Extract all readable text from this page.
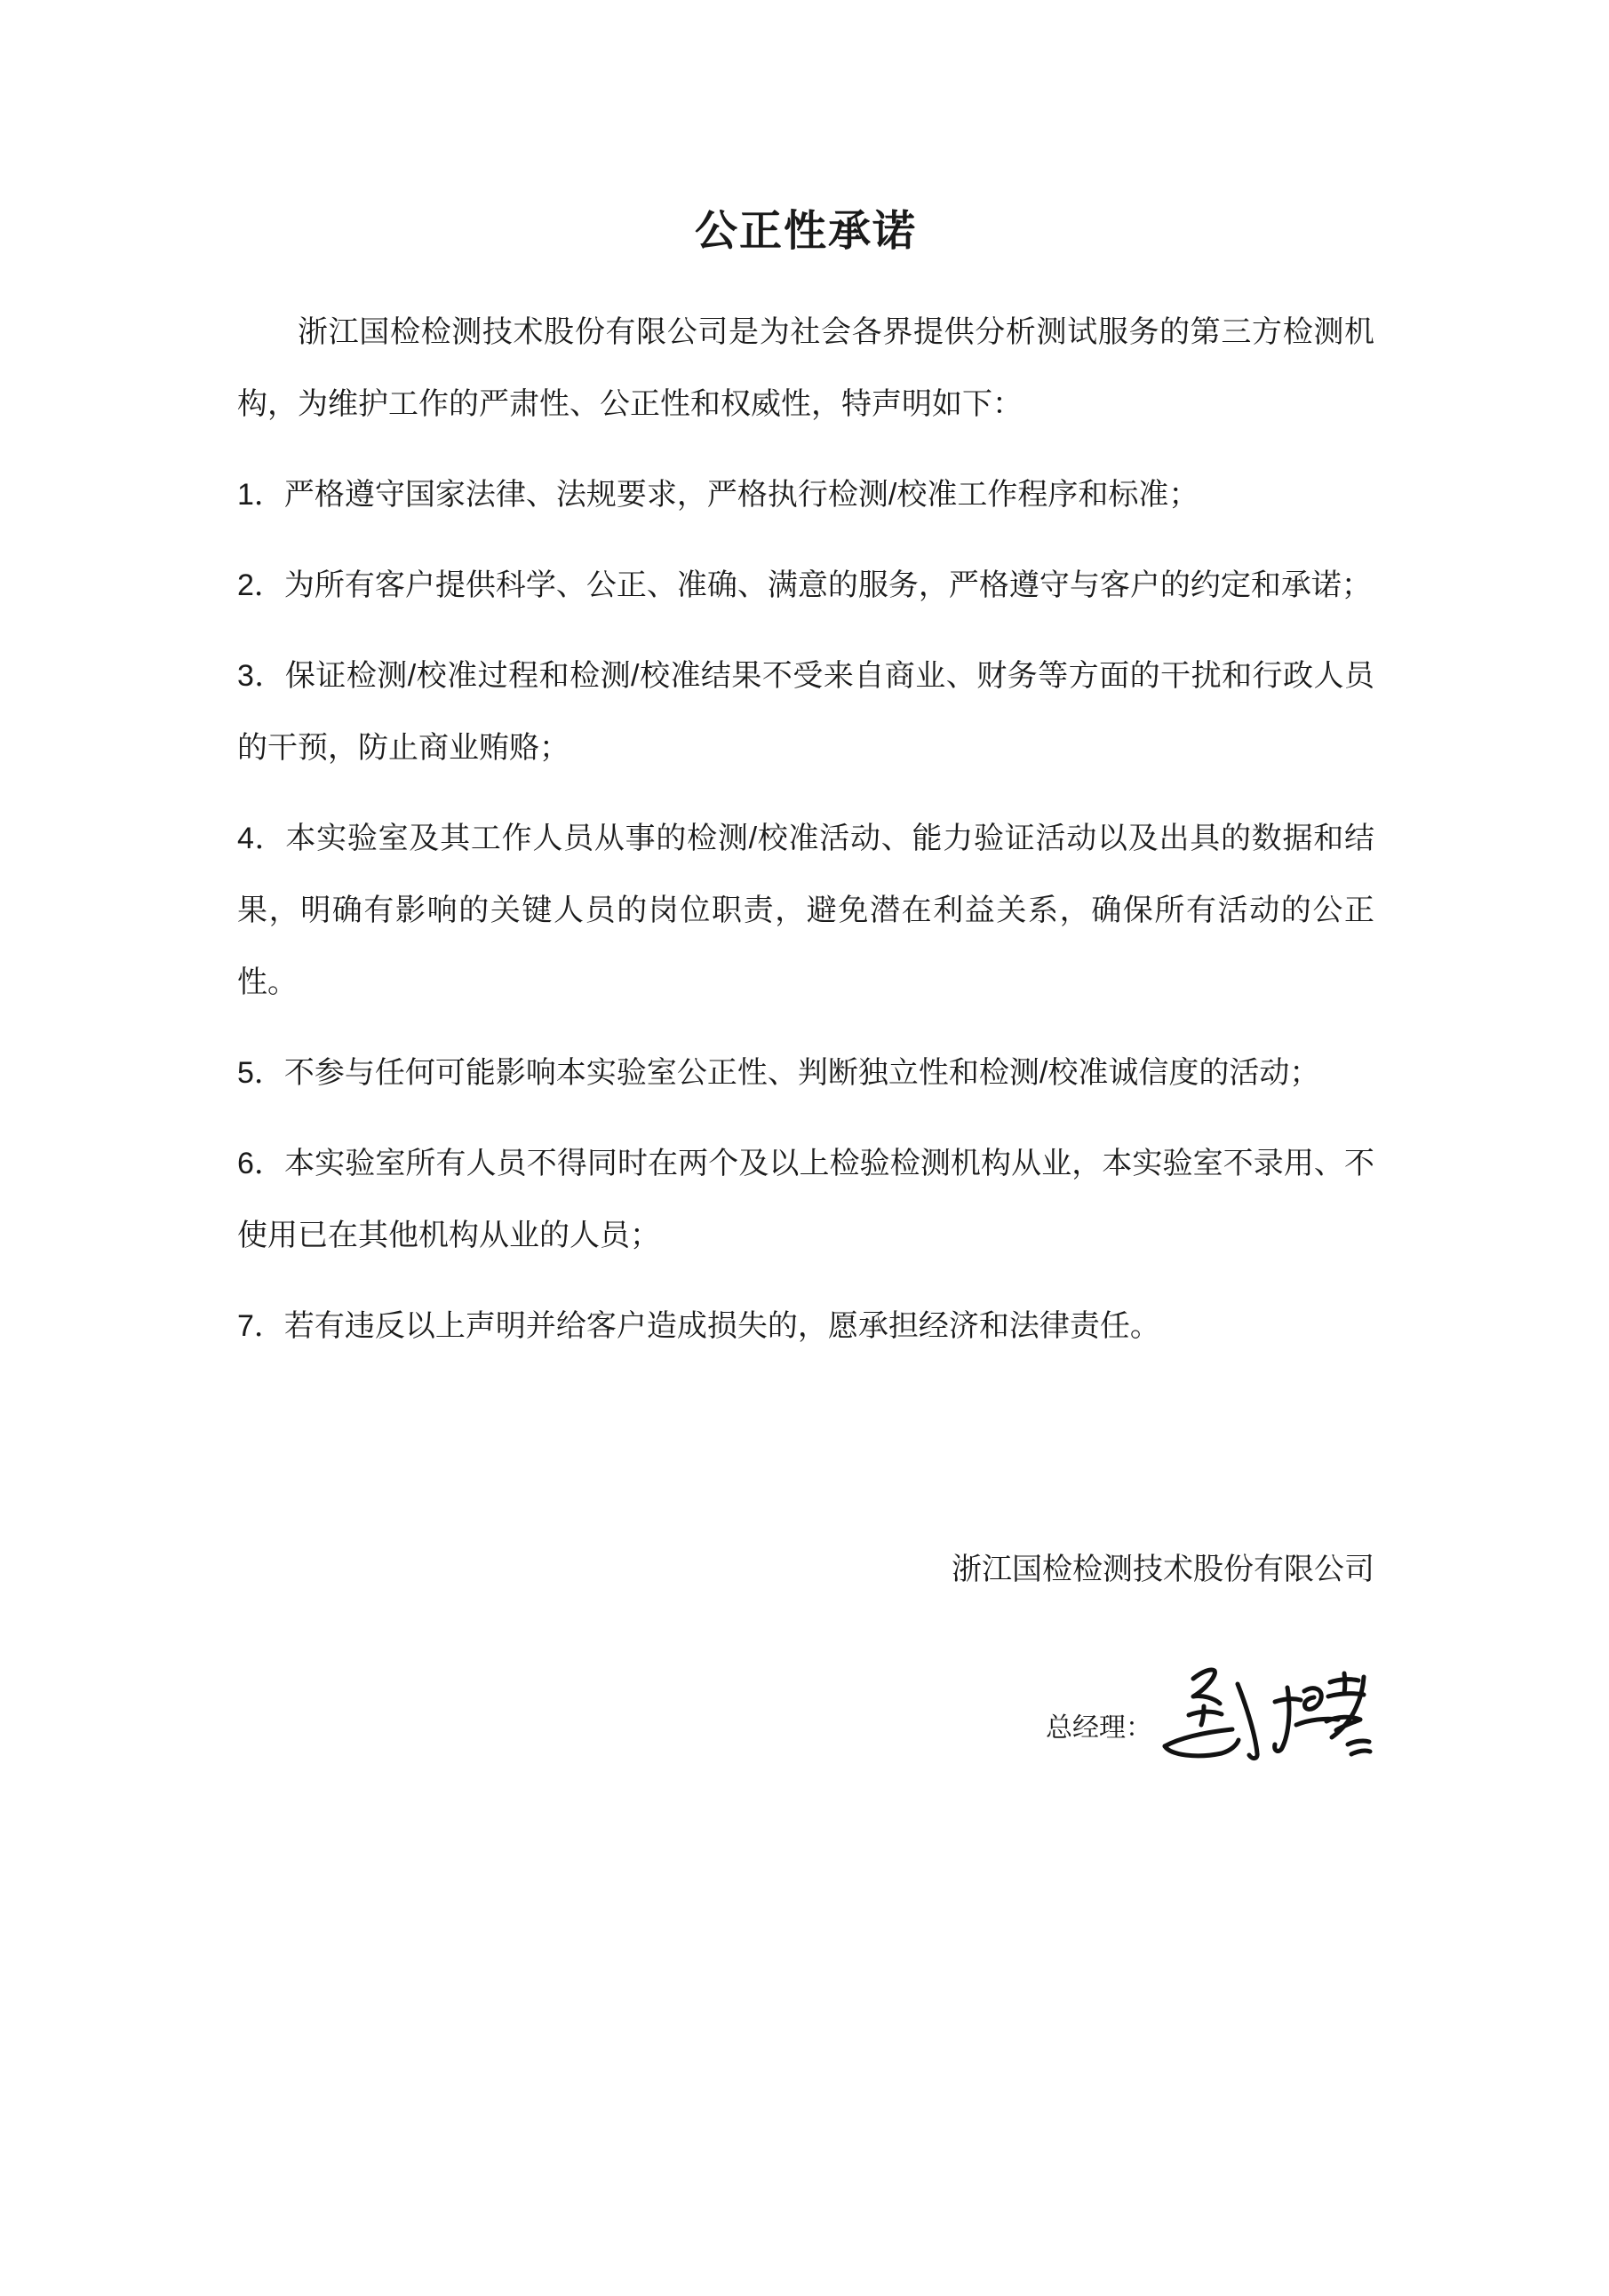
公正性承诺

浙江国检检测技术股份有限公司是为社会各界提供分析测试服务的第三方检测机构，为维护工作的严肃性、公正性和权威性，特声明如下：

1．严格遵守国家法律、法规要求，严格执行检测/校准工作程序和标准；

2．为所有客户提供科学、公正、准确、满意的服务，严格遵守与客户的约定和承诺；

3．保证检测/校准过程和检测/校准结果不受来自商业、财务等方面的干扰和行政人员的干预，防止商业贿赂；

4．本实验室及其工作人员从事的检测/校准活动、能力验证活动以及出具的数据和结果，明确有影响的关键人员的岗位职责，避免潜在利益关系，确保所有活动的公正性。

5．不参与任何可能影响本实验室公正性、判断独立性和检测/校准诚信度的活动；

6．本实验室所有人员不得同时在两个及以上检验检测机构从业，本实验室不录用、不使用已在其他机构从业的人员；

7．若有违反以上声明并给客户造成损失的，愿承担经济和法律责任。

浙江国检检测技术股份有限公司

总经理：
